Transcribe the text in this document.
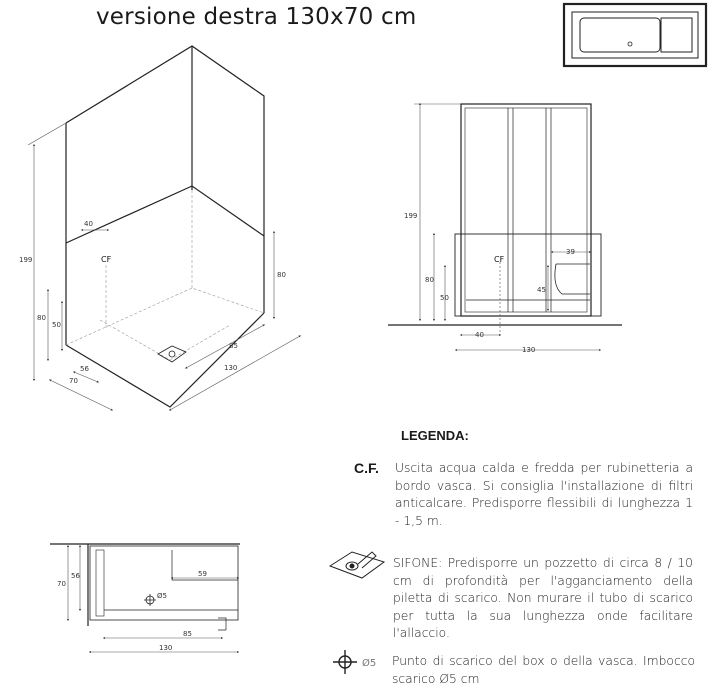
versione destra 130x70 cm
199
80
50
80
40
CF
56
70
85
130
199
80
50
39
45
CF
40
130
70
56	59
Ø5
85
130
LEGENDA:
C.F. Uscita acqua calda e fredda per rubinetteria a bordo vasca. Si consiglia l'installazione di filtri anticalcare. Predisporre flessibili di lunghezza 1 - 1,5 m.
SIFONE: Predisporre un pozzetto di circa 8 / 10 cm di profondità per l'agganciamento della piletta di scarico. Non murare il tubo di scarico per tutta la sua lunghezza onde facilitare l'allaccio.
Ø5 Punto di scarico del box o della vasca. Imbocco scarico Ø5 cm
